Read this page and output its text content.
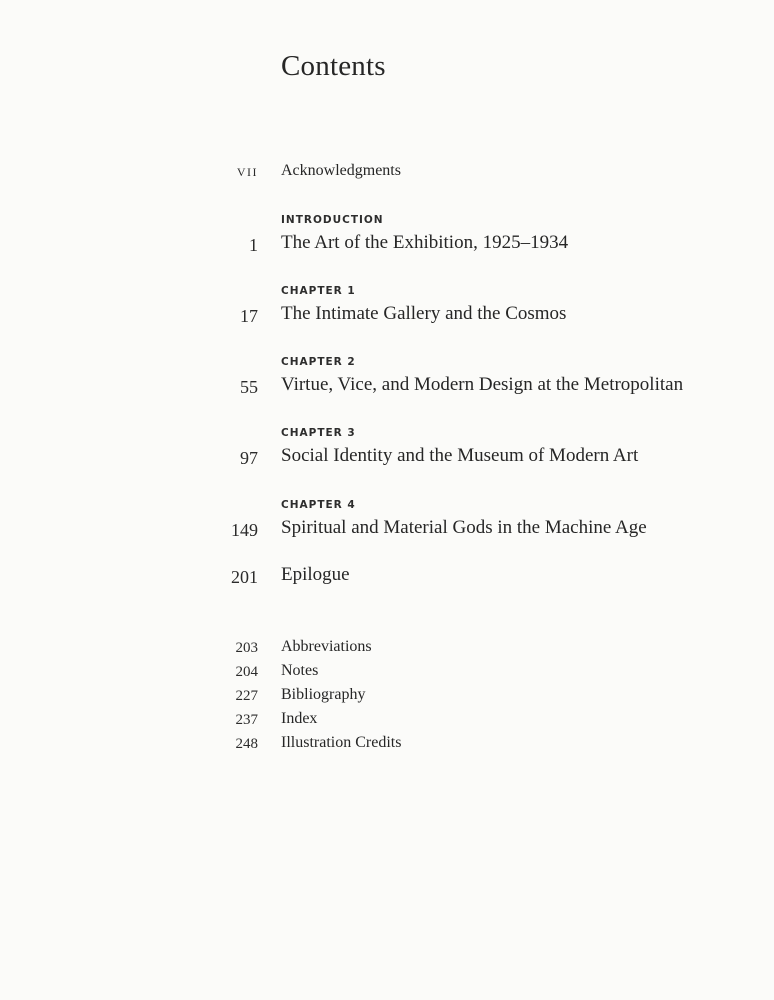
Contents
VII Acknowledgments
INTRODUCTION
1 The Art of the Exhibition, 1925–1934
CHAPTER 1
17 The Intimate Gallery and the Cosmos
CHAPTER 2
55 Virtue, Vice, and Modern Design at the Metropolitan
CHAPTER 3
97 Social Identity and the Museum of Modern Art
CHAPTER 4
149 Spiritual and Material Gods in the Machine Age
201 Epilogue
203 Abbreviations
204 Notes
227 Bibliography
237 Index
248 Illustration Credits
